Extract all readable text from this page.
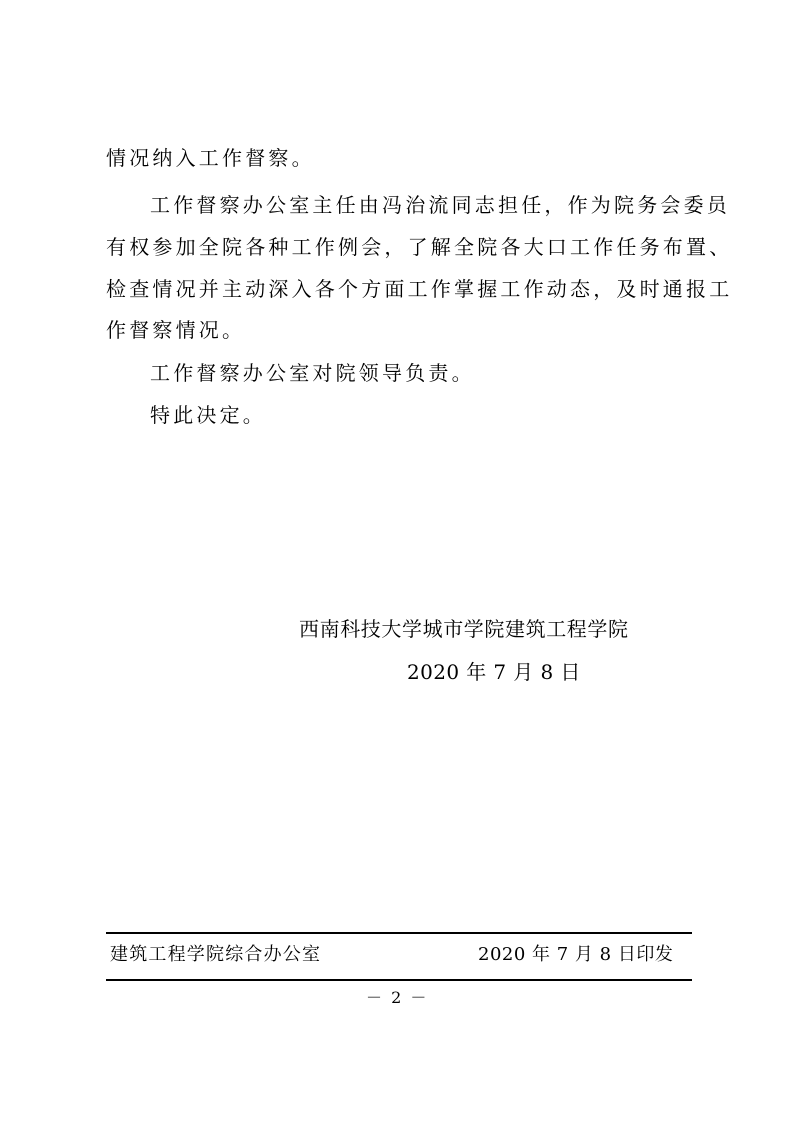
情况纳入工作督察。
工作督察办公室主任由冯治流同志担任，作为院务会委员
有权参加全院各种工作例会，了解全院各大口工作任务布置、
检查情况并主动深入各个方面工作掌握工作动态，及时通报工
作督察情况。
工作督察办公室对院领导负责。
特此决定。
西南科技大学城市学院建筑工程学院
2020 年 7 月 8 日
建筑工程学院综合办公室	2020 年 7 月 8 日印发
－ 2 －
